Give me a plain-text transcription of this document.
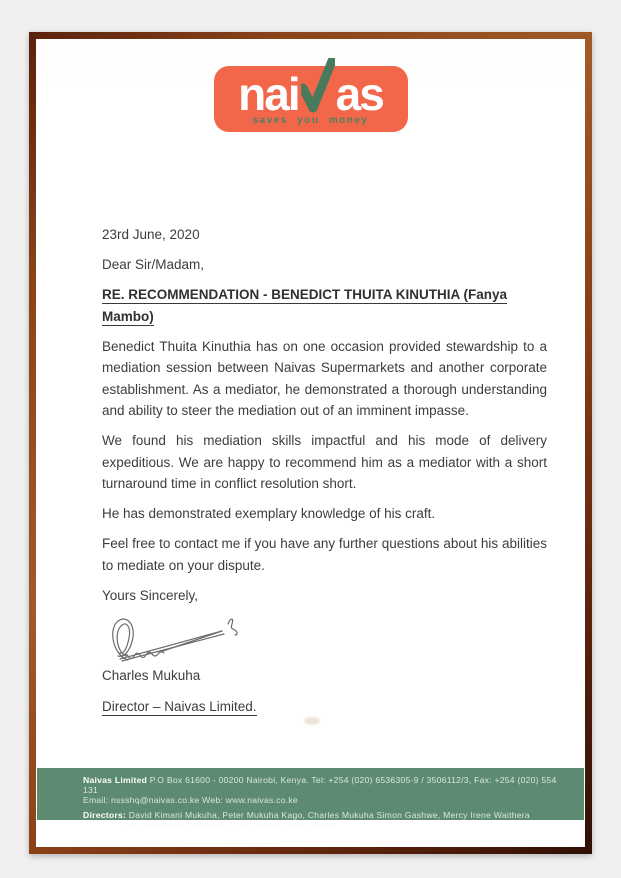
nai as
saves you money

23rd June, 2020

Dear Sir/Madam,

RE. RECOMMENDATION - BENEDICT THUITA KINUTHIA (Fanya Mambo)

Benedict Thuita Kinuthia has on one occasion provided stewardship to a mediation session between Naivas Supermarkets and another corporate establishment. As a mediator, he demonstrated a thorough understanding and ability to steer the mediation out of an imminent impasse.

We found his mediation skills impactful and his mode of delivery expeditious. We are happy to recommend him as a mediator with a short turnaround time in conflict resolution short.

He has demonstrated exemplary knowledge of his craft.

Feel free to contact me if you have any further questions about his abilities to mediate on your dispute.

Yours Sincerely,

Charles Mukuha

Director – Naivas Limited.

Naivas Limited P.O Box 61600 - 00200 Nairobi, Kenya. Tel: +254 (020) 6536305-9 / 3506112/3, Fax: +254 (020) 554 131
Email: nssshq@naivas.co.ke Web: www.naivas.co.ke
Directors: David Kimani Mukuha, Peter Mukuha Kago, Charles Mukuha Simon Gashwe, Mercy Irene Waithera
Jean-Sebastien Bergasse, Frank Astere Ndivo Butovi
